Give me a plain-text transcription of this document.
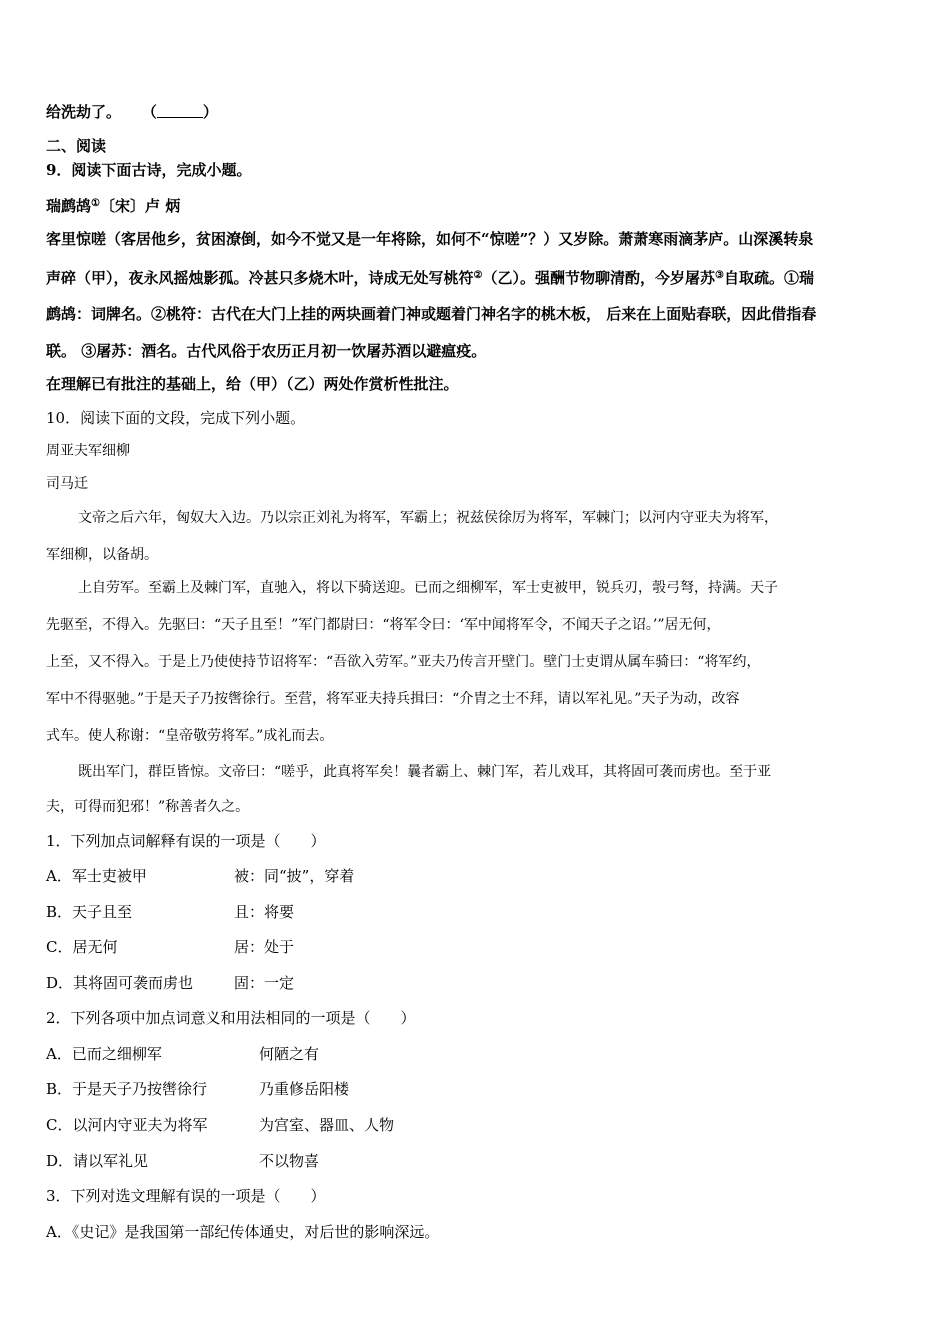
给洗劫了。 （	）
二、阅读
9．阅读下面古诗，完成小题。
瑞鹧鸪①〔宋〕卢 炳
客里惊嗟（客居他乡，贫困潦倒，如今不觉又是一年将除，如何不“惊嗟”？）又岁除。萧萧寒雨滴茅庐。山深溪转泉
声碎（甲），夜永风摇烛影孤。冷甚只多烧木叶，诗成无处写桃符②（乙）。强酬节物聊清酌，今岁屠苏③自取疏。①瑞
鹧鸪：词牌名。②桃符：古代在大门上挂的两块画着门神或题着门神名字的桃木板， 后来在上面贴春联，因此借指春
联。 ③屠苏：酒名。古代风俗于农历正月初一饮屠苏酒以避瘟疫。
在理解已有批注的基础上，给（甲）（乙）两处作赏析性批注。
10．阅读下面的文段，完成下列小题。
周亚夫军细柳
司马迁
文帝之后六年，匈奴大入边。乃以宗正刘礼为将军，军霸上；祝兹侯徐厉为将军，军棘门；以河内守亚夫为将军，
军细柳，以备胡。
上自劳军。至霸上及棘门军，直驰入，将以下骑送迎。已而之细柳军，军士吏被甲，锐兵刃，彀弓弩，持满。天子
先驱至，不得入。先驱曰：“天子且至！”军门都尉曰：“将军令曰：‘军中闻将军令，不闻天子之诏。’”居无何，
上至，又不得入。于是上乃使使持节诏将军：“吾欲入劳军。”亚夫乃传言开壁门。壁门士吏谓从属车骑曰：“将军约，
军中不得驱驰。”于是天子乃按辔徐行。至营，将军亚夫持兵揖曰：“介胄之士不拜，请以军礼见。”天子为动，改容
式车。使人称谢：“皇帝敬劳将军。”成礼而去。
既出军门，群臣皆惊。文帝曰：“嗟乎，此真将军矣！曩者霸上、棘门军，若儿戏耳，其将固可袭而虏也。至于亚
夫，可得而犯邪！”称善者久之。
1．下列加点词解释有误的一项是（　　）
A．军士吏被甲	被：同“披”，穿着
B．天子且至	且：将要
C．居无何	居：处于
D．其将固可袭而虏也	固：一定
2．下列各项中加点词意义和用法相同的一项是（　　）
A．已而之细柳军	何陋之有
B．于是天子乃按辔徐行	乃重修岳阳楼
C．以河内守亚夫为将军	为宫室、器皿、人物
D．请以军礼见	不以物喜
3．下列对选文理解有误的一项是（　　）
A．《史记》是我国第一部纪传体通史，对后世的影响深远。
